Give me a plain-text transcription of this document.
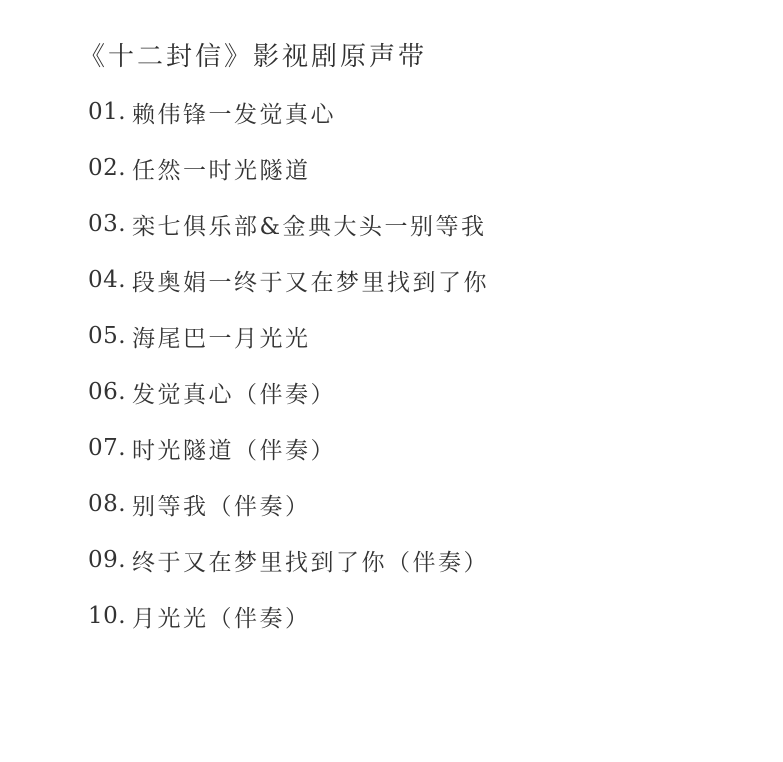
《十二封信》影视剧原声带
01. 赖伟锋一发觉真心
02. 任然一时光隧道
03. 栾七俱乐部&金典大头一别等我
04. 段奥娟一终于又在梦里找到了你
05. 海尾巴一月光光
06. 发觉真心（伴奏）
07. 时光隧道（伴奏）
08. 别等我（伴奏）
09. 终于又在梦里找到了你（伴奏）
10. 月光光（伴奏）
